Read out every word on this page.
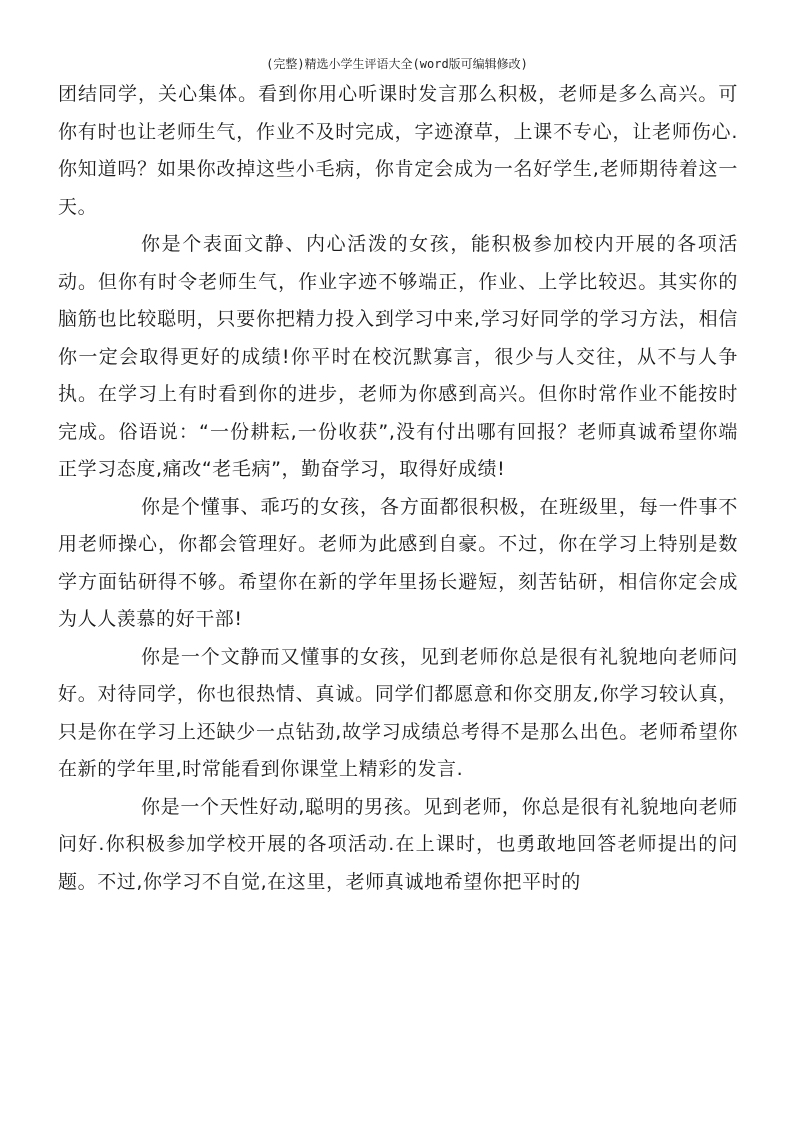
(完整)精选小学生评语大全(word版可编辑修改)

团结同学，关心集体。看到你用心听课时发言那么积极，老师是多么高兴。可你有时也让老师生气，作业不及时完成，字迹潦草，上课不专心，让老师伤心.你知道吗？如果你改掉这些小毛病，你肯定会成为一名好学生,老师期待着这一天。

你是个表面文静、内心活泼的女孩，能积极参加校内开展的各项活动。但你有时令老师生气，作业字迹不够端正，作业、上学比较迟。其实你的脑筋也比较聪明，只要你把精力投入到学习中来,学习好同学的学习方法，相信你一定会取得更好的成绩!你平时在校沉默寡言，很少与人交往，从不与人争执。在学习上有时看到你的进步，老师为你感到高兴。但你时常作业不能按时完成。俗语说：“一份耕耘,一份收获”,没有付出哪有回报？老师真诚希望你端正学习态度,痛改“老毛病”，勤奋学习，取得好成绩!

你是个懂事、乖巧的女孩，各方面都很积极，在班级里，每一件事不用老师操心，你都会管理好。老师为此感到自豪。不过，你在学习上特别是数学方面钻研得不够。希望你在新的学年里扬长避短，刻苦钻研，相信你定会成为人人羡慕的好干部!

你是一个文静而又懂事的女孩，见到老师你总是很有礼貌地向老师问好。对待同学，你也很热情、真诚。同学们都愿意和你交朋友,你学习较认真，只是你在学习上还缺少一点钻劲,故学习成绩总考得不是那么出色。老师希望你在新的学年里,时常能看到你课堂上精彩的发言.

你是一个天性好动,聪明的男孩。见到老师，你总是很有礼貌地向老师问好.你积极参加学校开展的各项活动.在上课时，也勇敢地回答老师提出的问题。不过,你学习不自觉,在这里，老师真诚地希望你把平时的
